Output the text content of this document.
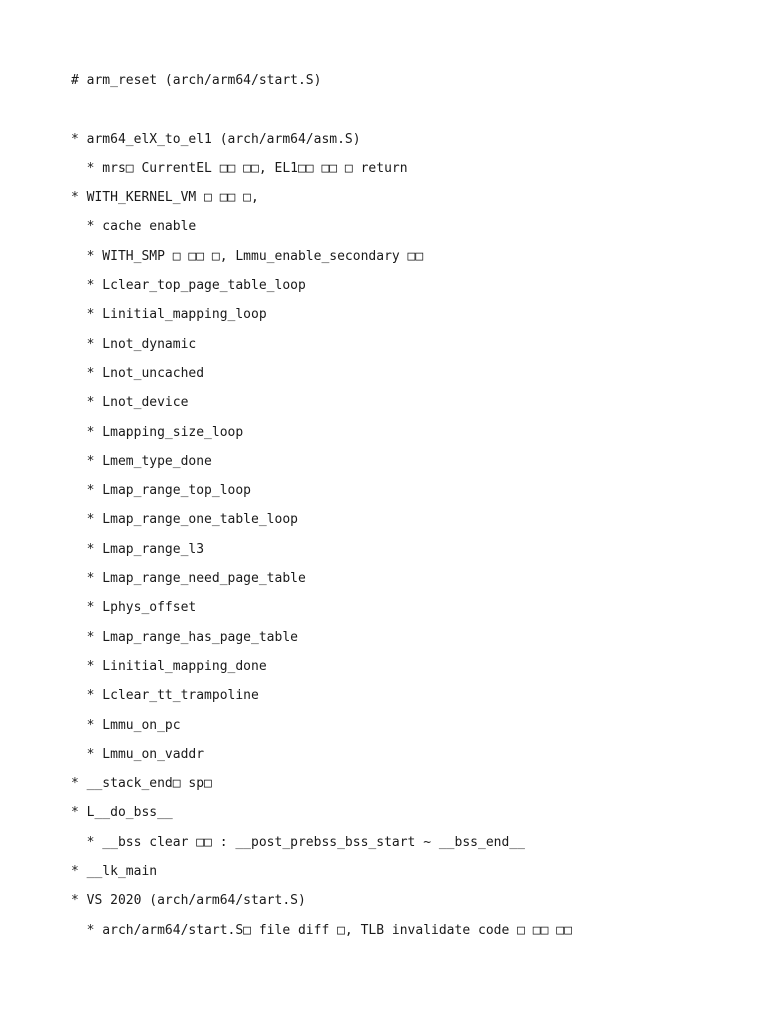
# arm_reset (arch/arm64/start.S)
* arm64_elX_to_el1 (arch/arm64/asm.S)
* mrs□ CurrentEL □□ □□, EL1□□ □□ □ return
* WITH_KERNEL_VM □ □□ □,
* cache enable
* WITH_SMP □ □□ □, Lmmu_enable_secondary □□
* Lclear_top_page_table_loop
* Linitial_mapping_loop
* Lnot_dynamic
* Lnot_uncached
* Lnot_device
* Lmapping_size_loop
* Lmem_type_done
* Lmap_range_top_loop
* Lmap_range_one_table_loop
* Lmap_range_l3
* Lmap_range_need_page_table
* Lphys_offset
* Lmap_range_has_page_table
* Linitial_mapping_done
* Lclear_tt_trampoline
* Lmmu_on_pc
* Lmmu_on_vaddr
* __stack_end□ sp□
* L__do_bss__
* __bss clear □□ : __post_prebss_bss_start ~ __bss_end__
* __lk_main
* VS 2020 (arch/arm64/start.S)
* arch/arm64/start.S□ file diff □, TLB invalidate code □ □□ □□
